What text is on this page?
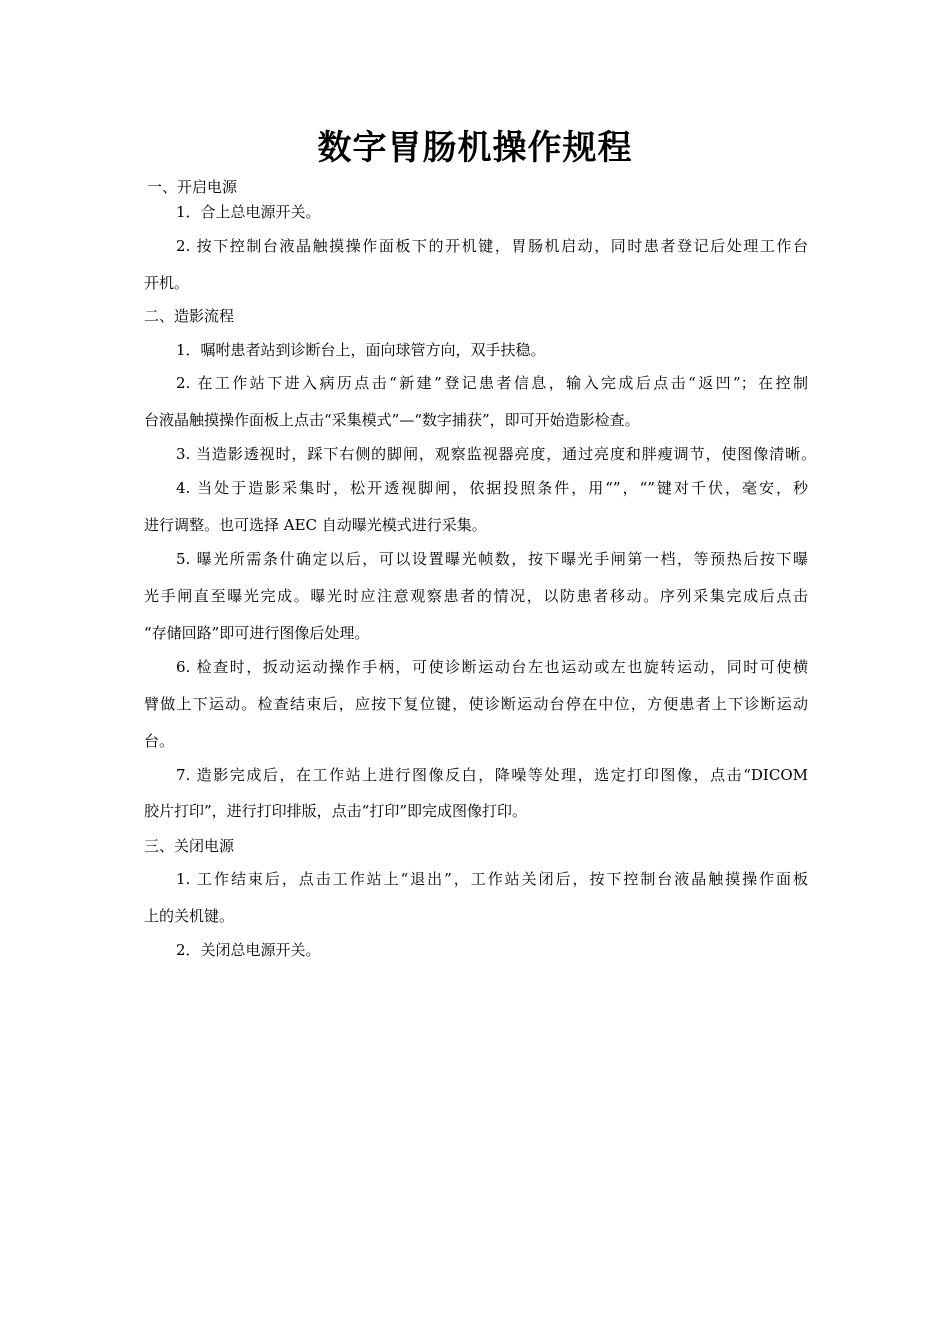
数字胃肠机操作规程
一、开启电源
1．合上总电源开关。
2. 按下控制台液晶触摸操作面板下的开机键，胃肠机启动，同时患者登记后处理工作台
开机。
二、造影流程
1．嘱咐患者站到诊断台上，面向球管方向，双手扶稳。
2. 在工作站下进入病历点击“新建”登记患者信息，输入完成后点击“返凹”；在控制
台液晶触摸操作面板上点击“采集模式”—“数字捕获”，即可开始造影检查。
3. 当造影透视时，踩下右侧的脚闸，观察监视器亮度，通过亮度和胖瘦调节，使图像清晰。
4. 当处于造影采集时，松开透视脚闸，依据投照条件，用“”，“”键对千伏，毫安，秒
进行调整。也可选择 AEC 自动曝光模式进行采集。
5. 曝光所需条什确定以后，可以设置曝光帧数，按下曝光手闸第一档，等预热后按下曝
光手闸直至曝光完成。曝光时应注意观察患者的情况，以防患者移动。序列采集完成后点击
“存储回路”即可进行图像后处理。
6. 检查时，扳动运动操作手柄，可使诊断运动台左也运动或左也旋转运动，同时可使横
臂做上下运动。检查结束后，应按下复位键，使诊断运动台停在中位，方便患者上下诊断运动
台。
7. 造影完成后，在工作站上进行图像反白，降噪等处理，选定打印图像，点击“DICOM
胶片打印”，进行打印排版，点击“打印”即完成图像打印。
三、关闭电源
1. 工作结束后，点击工作站上“退出”，工作站关闭后，按下控制台液晶触摸操作面板
上的关机键。
2．关闭总电源开关。
